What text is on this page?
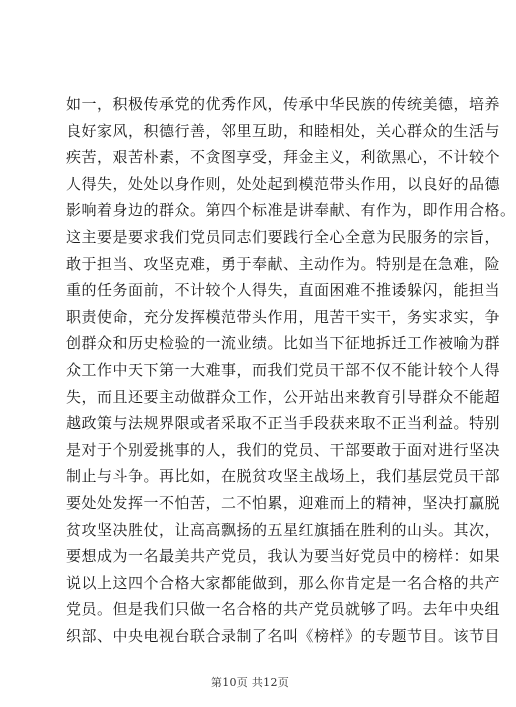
如一，积极传承党的优秀作风，传承中华民族的传统美德，培养
良好家风，积德行善，邻里互助，和睦相处，关心群众的生活与
疾苦，艰苦朴素，不贪图享受，拜金主义，利欲黑心，不计较个
人得失，处处以身作则，处处起到模范带头作用，以良好的品德
影响着身边的群众。第四个标准是讲奉献、有作为，即作用合格。
这主要是要求我们党员同志们要践行全心全意为民服务的宗旨，
敢于担当、攻坚克难，勇于奉献、主动作为。特别是在急难，险
重的任务面前，不计较个人得失，直面困难不推诿躲闪，能担当
职责使命，充分发挥模范带头作用，甩苦干实干，务实求实，争
创群众和历史检验的一流业绩。比如当下征地拆迁工作被喻为群
众工作中天下第一大难事，而我们党员干部不仅不能计较个人得
失，而且还要主动做群众工作，公开站出来教育引导群众不能超
越政策与法规界限或者采取不正当手段获来取不正当利益。特别
是对于个别爱挑事的人，我们的党员、干部要敢于面对进行坚决
制止与斗争。再比如，在脱贫攻坚主战场上，我们基层党员干部
要处处发挥一不怕苦，二不怕累，迎难而上的精神，坚决打赢脱
贫攻坚决胜仗，让高高飘扬的五星红旗插在胜利的山头。其次，
要想成为一名最美共产党员，我认为要当好党员中的榜样：如果
说以上这四个合格大家都能做到，那么你肯定是一名合格的共产
党员。但是我们只做一名合格的共产党员就够了吗。去年中央组
织部、中央电视台联合录制了名叫《榜样》的专题节目。该节目
第10页 共12页
